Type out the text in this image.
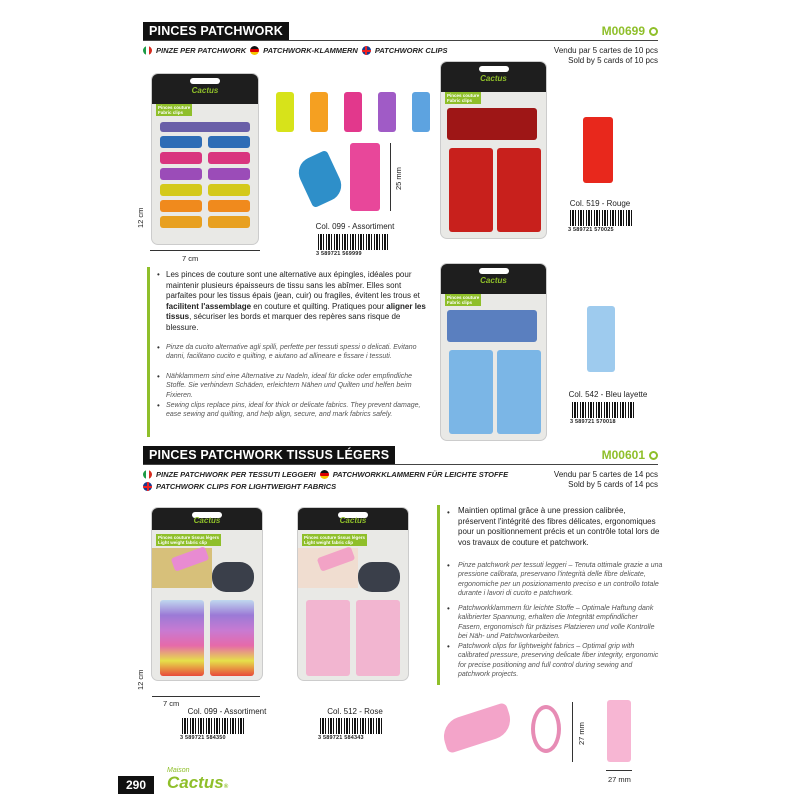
PINCES PATCHWORK	M00699
PINZE PER PATCHWORK PATCHWORK-KLAMMERN PATCHWORK CLIPS	Vendu par 5 cartes de 10 pcs
Sold by 5 cards of 10 pcs
Cactus
Pinces couture
Fabric clips
12 cm
7 cm
25 mm
Col. 099 - Assortiment
3 589721 569999
Cactus
Pinces couture
Fabric clips
Col. 519 - Rouge
3 589721 570025
Cactus
Pinces couture
Fabric clips
Col. 542 - Bleu layette
3 589721 570018
• Les pinces de couture sont une alternative aux épingles, idéales pour maintenir plusieurs épaisseurs de tissu sans les abîmer. Elles sont parfaites pour les tissus épais (jean, cuir) ou fragiles, évitent les trous et facilitent l'assemblage en couture et quilting. Pratiques pour aligner les tissus, sécuriser les bords et marquer des repères sans risque de blessure.
• Pinze da cucito alternative agli spilli, perfette per tessuti spessi o delicati. Evitano danni, facilitano cucito e quilting, e aiutano ad allineare e fissare i tessuti.
• Nähklammern sind eine Alternative zu Nadeln, ideal für dicke oder empfindliche Stoffe. Sie verhindern Schäden, erleichtern Nähen und Quilten und helfen beim Fixieren.
• Sewing clips replace pins, ideal for thick or delicate fabrics. They prevent damage, ease sewing and quilting, and help align, secure, and mark fabrics safely.
PINCES PATCHWORK TISSUS LÉGERS	M00601
PINZE PATCHWORK PER TESSUTI LEGGERI PATCHWORKKLAMMERN FÜR LEICHTE STOFFE
PATCHWORK CLIPS FOR LIGHTWEIGHT FABRICS
Vendu par 5 cartes de 14 pcs
Sold by 5 cards of 14 pcs
Cactus
Pinces couture tissus légers
Light weight fabric clip
12 cm
7 cm
Col. 099 - Assortiment
3 589721 584350
Cactus
Pinces couture tissus légers
Light weight fabric clip
Col. 512 - Rose
3 589721 584343
• Maintien optimal grâce à une pression calibrée, préservent l'intégrité des fibres délicates, ergonomiques pour un positionnement précis et un contrôle total lors de vos travaux de couture et patchwork.
• Pinze patchwork per tessuti leggeri – Tenuta ottimale grazie a una pressione calibrata, preservano l'integrità delle fibre delicate, ergonomiche per un posizionamento preciso e un controllo totale durante i lavori di cucito e patchwork.
• Patchworkklammern für leichte Stoffe – Optimale Haftung dank kalibrierter Spannung, erhalten die Integrität empfindlicher Fasern, ergonomisch für präzises Platzieren und volle Kontrolle bei Näh- und Patchworkarbeiten.
• Patchwork clips for lightweight fabrics – Optimal grip with calibrated pressure, preserving delicate fiber integrity, ergonomic for precise positioning and full control during sewing and patchwork projects.
27 mm
27 mm
290
Maison
Cactus®
